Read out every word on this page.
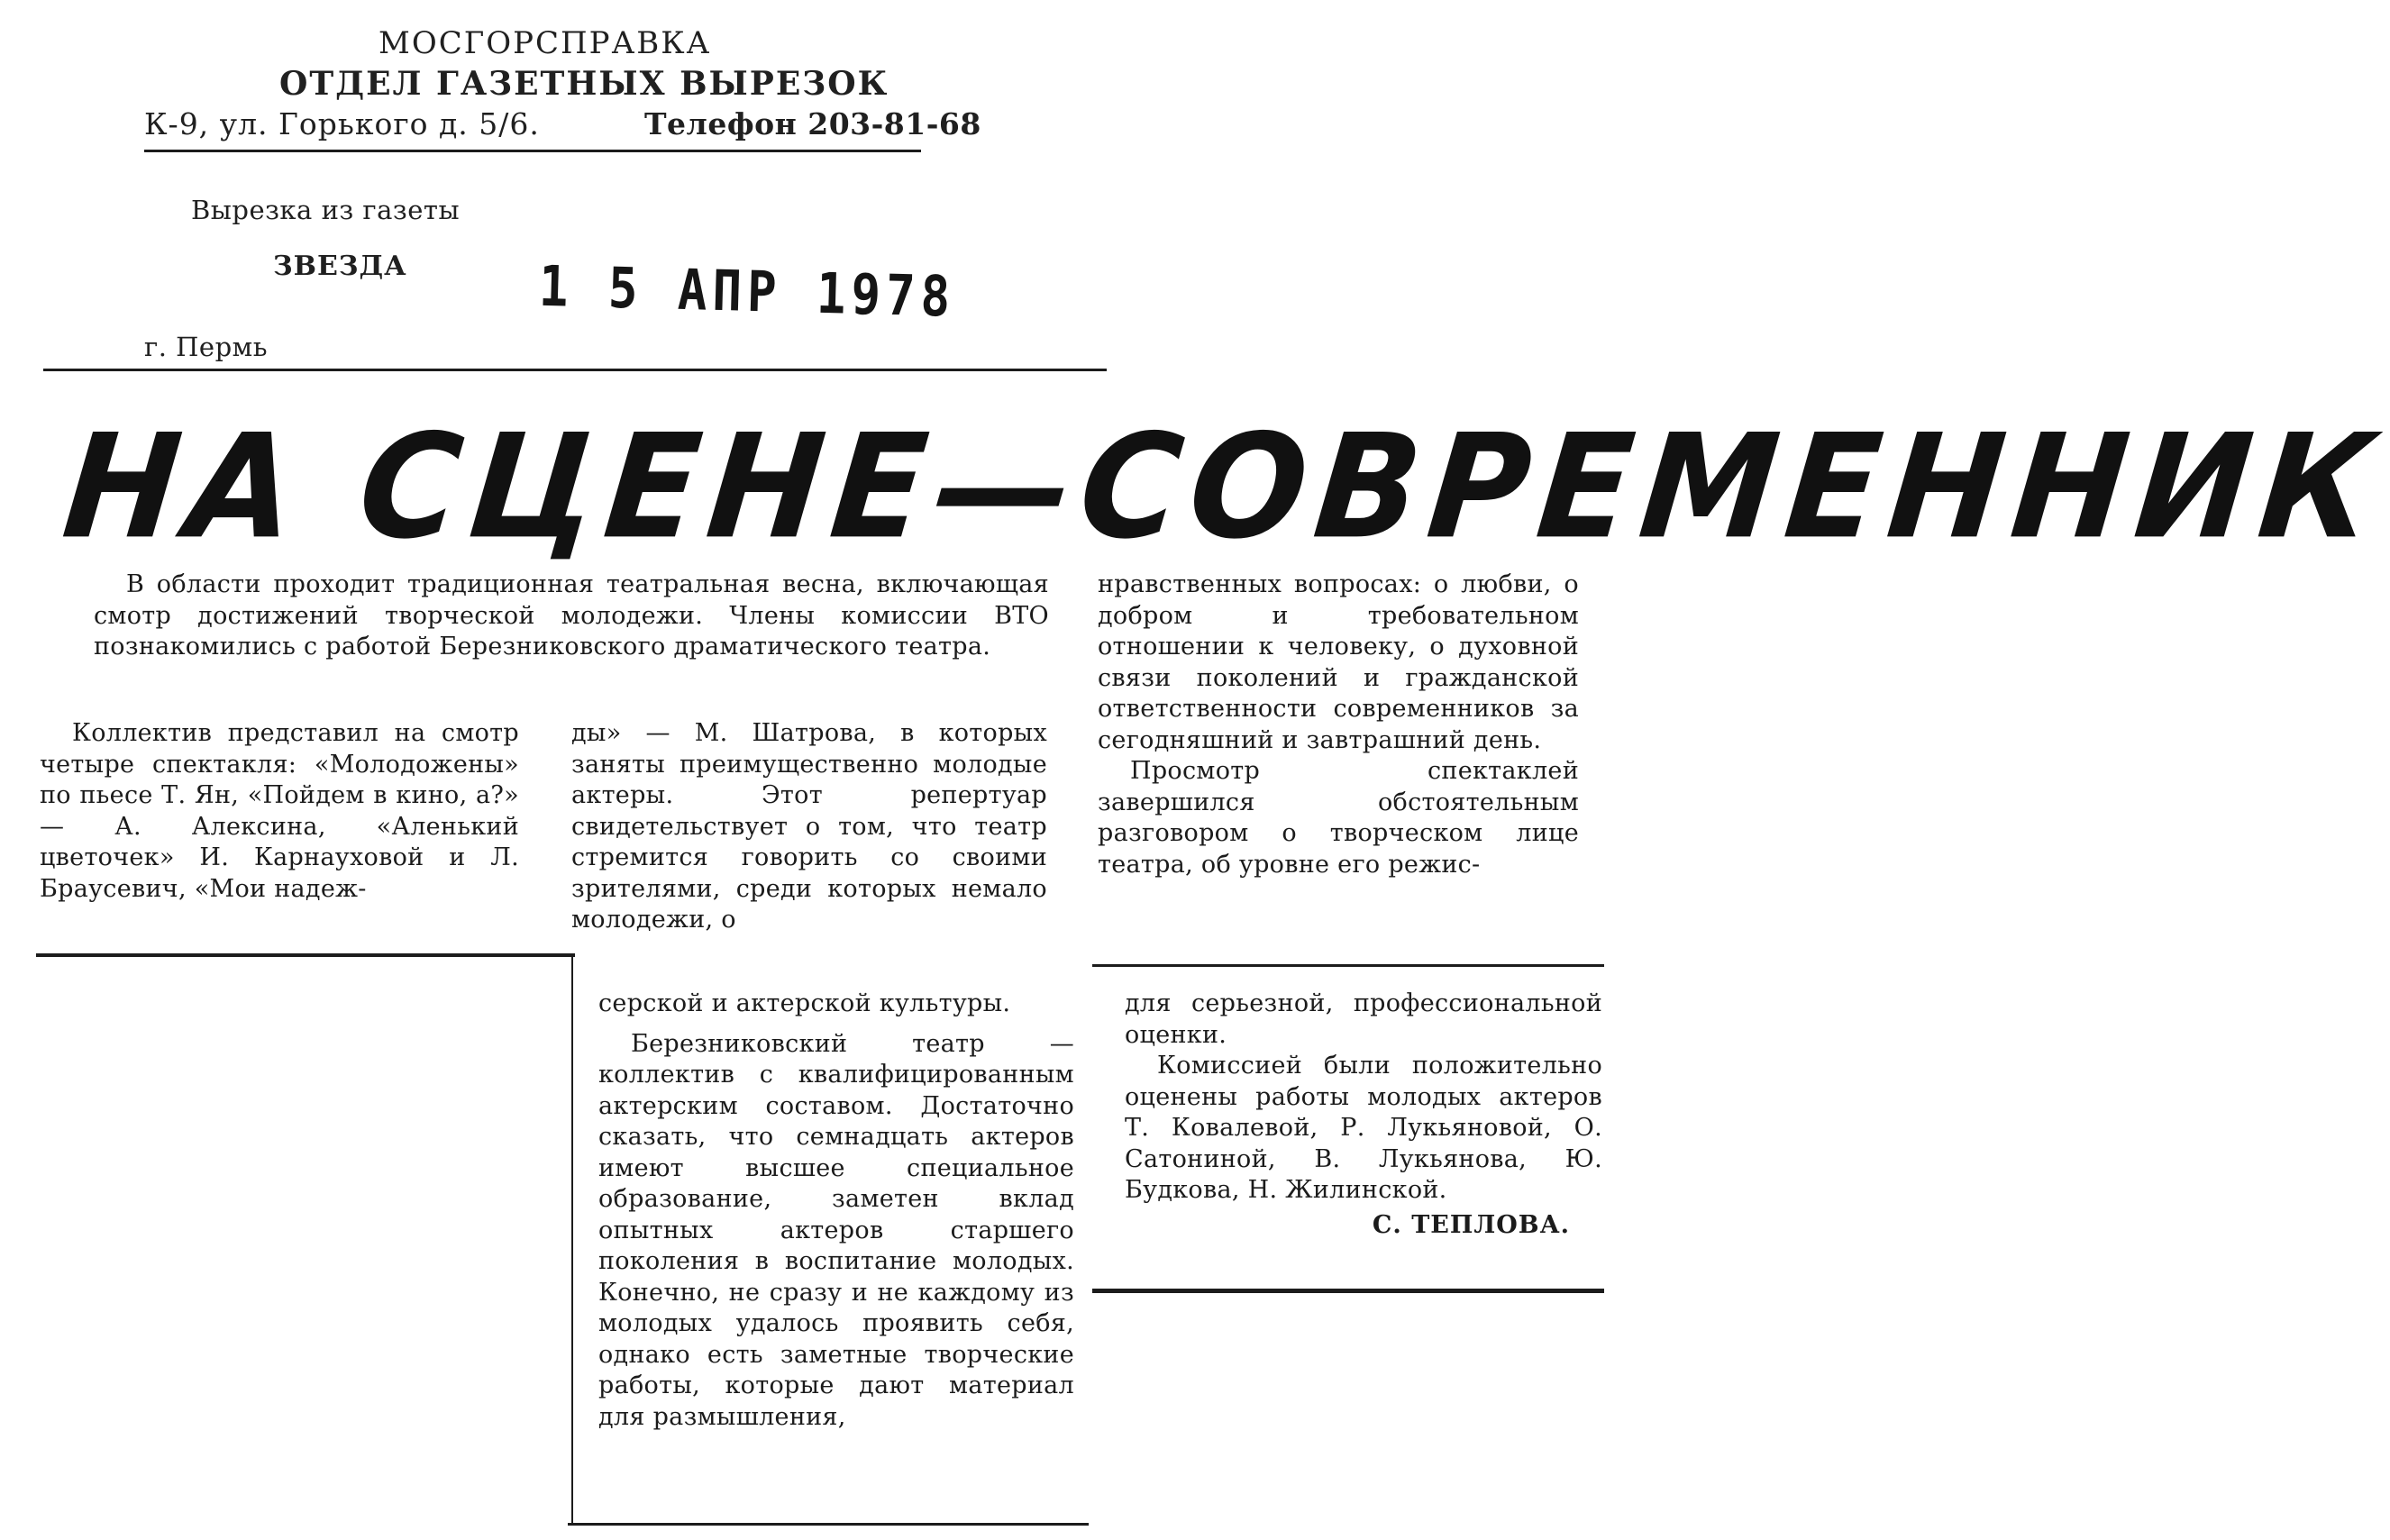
МОСГОРСПРАВКА
ОТДЕЛ ГАЗЕТНЫХ ВЫРЕЗОК
К-9, ул. Горького д. 5/6.	Телефон 203-81-68
Вырезка из газеты
ЗВЕЗДА
г. Пермь
1 5 АПР 1978
НА СЦЕНЕ—СОВРЕМЕННИК

В области проходит традиционная театральная весна, включающая смотр достижений творческой молодежи. Члены комиссии ВТО познакомились с работой Березниковского драматического театра.

Коллектив представил на смотр четыре спектакля: «Молодожены» по пьесе Т. Ян, «Пойдем в кино, а?» — А. Алексина, «Аленький цветочек» И. Карнауховой и Л. Браусевич, «Мои надеж-

ды» — М. Шатрова, в которых заняты преимущественно молодые актеры. Этот репертуар свидетельствует о том, что театр стремится говорить со своими зрителями, среди которых немало молодежи, о

нравственных вопросах: о любви, о добром и требовательном отношении к человеку, о духовной связи поколений и гражданской ответственности современников за сегодняшний и завтрашний день.

Просмотр спектаклей завершился обстоятельным разговором о творческом лице театра, об уровне его режис-

серской и актерской культуры.

Березниковский театр — коллектив с квалифицированным актерским составом. Достаточно сказать, что семнадцать актеров имеют высшее специальное образование, заметен вклад опытных актеров старшего поколения в воспитание молодых. Конечно, не сразу и не каждому из молодых удалось проявить себя, однако есть заметные творческие работы, которые дают материал для размышления,

для серьезной, профессиональной оценки.

Комиссией были положительно оценены работы молодых актеров Т. Ковалевой, Р. Лукьяновой, О. Сатониной, В. Лукьянова, Ю. Будкова, Н. Жилинской.

С. ТЕПЛОВА.
